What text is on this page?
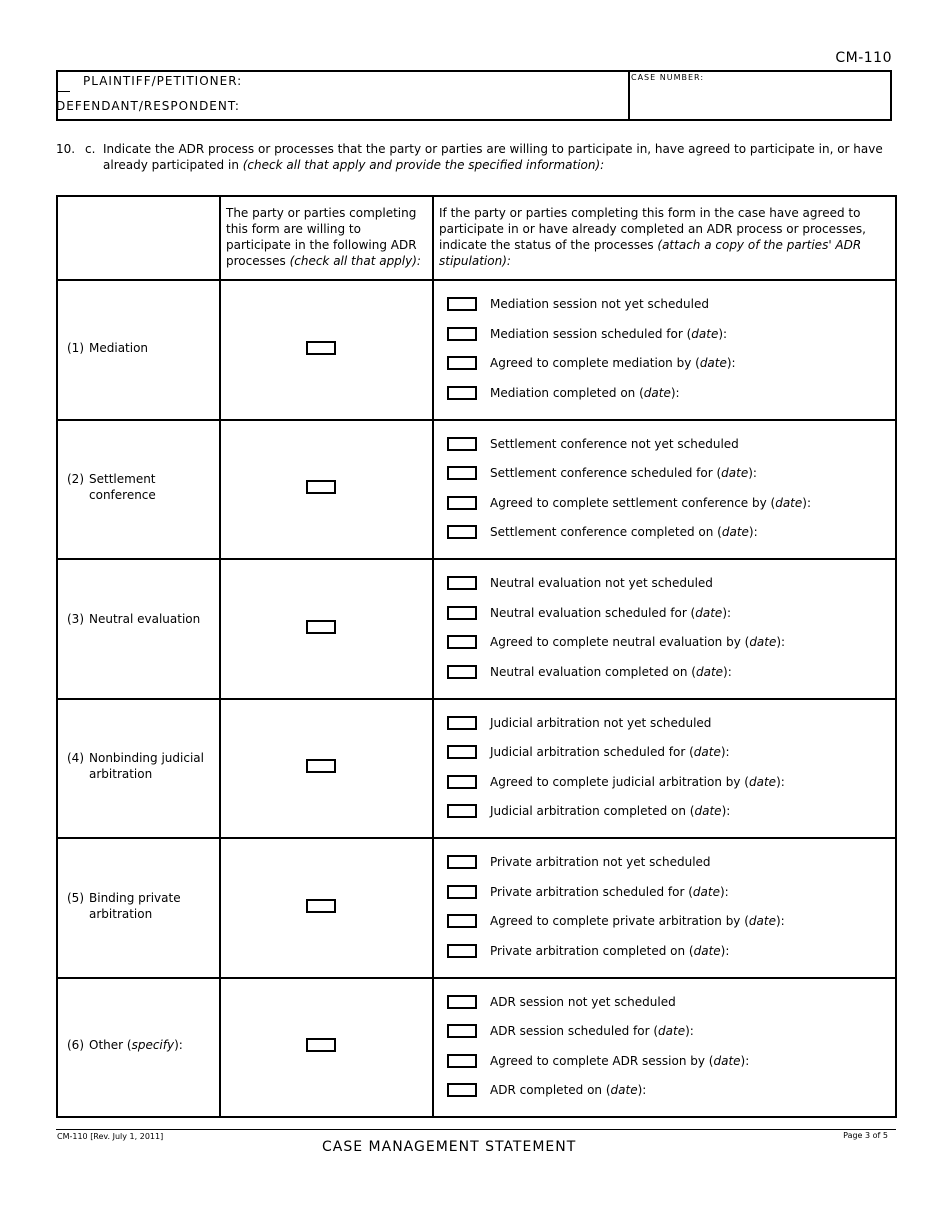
CM-110
PLAINTIFF/PETITIONER:
DEFENDANT/RESPONDENT:
CASE NUMBER:
10. c. Indicate the ADR process or processes that the party or parties are willing to participate in, have agreed to participate in, or have already participated in (check all that apply and provide the specified information):
The party or parties completing this form are willing to participate in the following ADR processes (check all that apply):
If the party or parties completing this form in the case have agreed to participate in or have already completed an ADR process or processes, indicate the status of the processes (attach a copy of the parties' ADR stipulation):
(1) Mediation
Mediation session not yet scheduled
Mediation session scheduled for (date):
Agreed to complete mediation by (date):
Mediation completed on (date):
(2) Settlement conference
Settlement conference not yet scheduled
Settlement conference scheduled for (date):
Agreed to complete settlement conference by (date):
Settlement conference completed on (date):
(3) Neutral evaluation
Neutral evaluation not yet scheduled
Neutral evaluation scheduled for (date):
Agreed to complete neutral evaluation by (date):
Neutral evaluation completed on (date):
(4) Nonbinding judicial arbitration
Judicial arbitration not yet scheduled
Judicial arbitration scheduled for (date):
Agreed to complete judicial arbitration by (date):
Judicial arbitration completed on (date):
(5) Binding private arbitration
Private arbitration not yet scheduled
Private arbitration scheduled for (date):
Agreed to complete private arbitration by (date):
Private arbitration completed on (date):
(6) Other (specify):
ADR session not yet scheduled
ADR session scheduled for (date):
Agreed to complete ADR session by (date):
ADR completed on (date):
CM-110 [Rev. July 1, 2011]
CASE MANAGEMENT STATEMENT
Page 3 of 5
